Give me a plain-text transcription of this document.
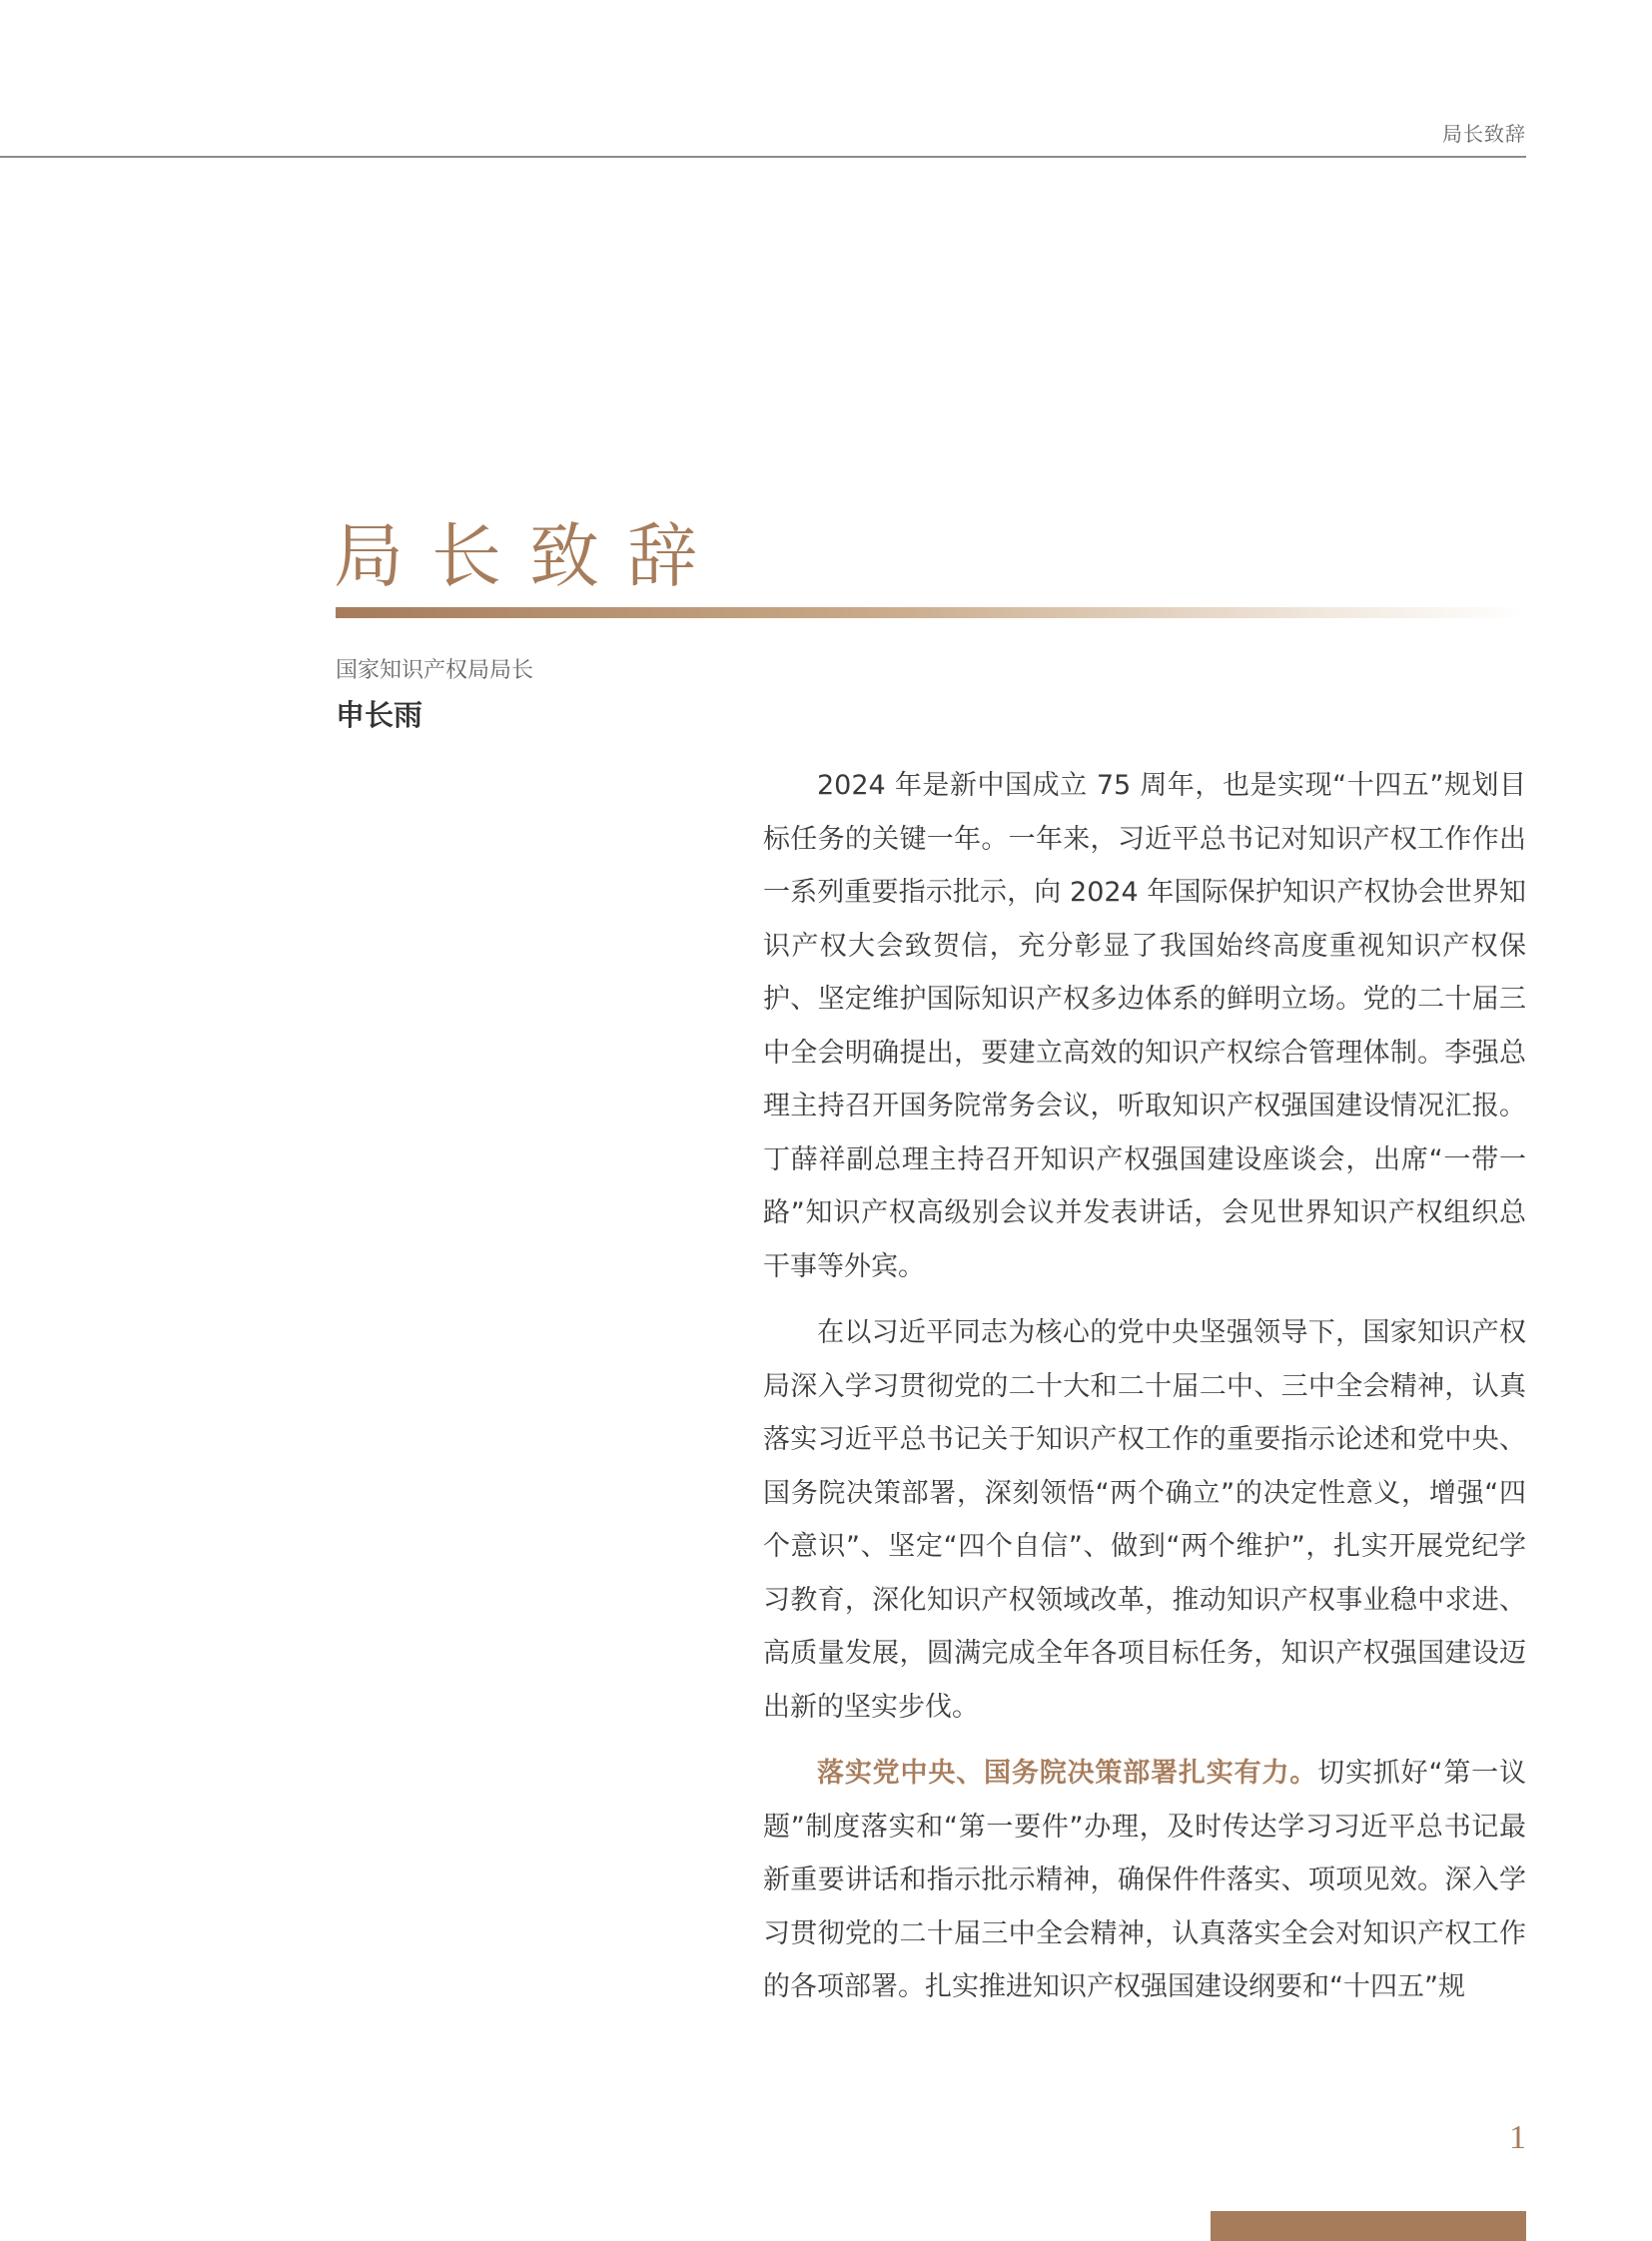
局长致辞
局长致辞
国家知识产权局局长
申长雨

2024 年是新中国成立 75 周年，也是实现“十四五”规划目标任务的关键一年。一年来，习近平总书记对知识产权工作作出一系列重要指示批示，向 2024 年国际保护知识产权协会世界知识产权大会致贺信，充分彰显了我国始终高度重视知识产权保护、坚定维护国际知识产权多边体系的鲜明立场。党的二十届三中全会明确提出，要建立高效的知识产权综合管理体制。李强总理主持召开国务院常务会议，听取知识产权强国建设情况汇报。丁薛祥副总理主持召开知识产权强国建设座谈会，出席“一带一路”知识产权高级别会议并发表讲话，会见世界知识产权组织总干事等外宾。

在以习近平同志为核心的党中央坚强领导下，国家知识产权局深入学习贯彻党的二十大和二十届二中、三中全会精神，认真落实习近平总书记关于知识产权工作的重要指示论述和党中央、国务院决策部署，深刻领悟“两个确立”的决定性意义，增强“四个意识”、坚定“四个自信”、做到“两个维护”，扎实开展党纪学习教育，深化知识产权领域改革，推动知识产权事业稳中求进、高质量发展，圆满完成全年各项目标任务，知识产权强国建设迈出新的坚实步伐。

落实党中央、国务院决策部署扎实有力。切实抓好“第一议题”制度落实和“第一要件”办理，及时传达学习习近平总书记最新重要讲话和指示批示精神，确保件件落实、项项见效。深入学习贯彻党的二十届三中全会精神，认真落实全会对知识产权工作的各项部署。扎实推进知识产权强国建设纲要和“十四五”规

1
